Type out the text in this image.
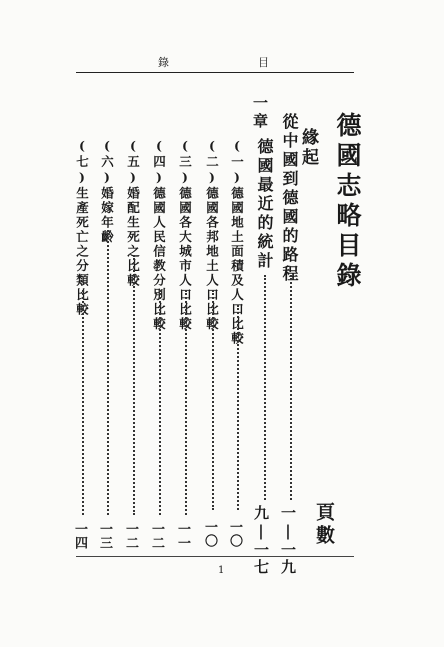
錄	目
德國志略目錄
頁數
緣起
從中國到德國的路程
一|一九
一章
德國最近的統計
九|一七
(一)德國地土面積及人口比較
一〇
(二)德國各邦地土人口比較
一〇
(三)德國各大城市人口比較
一一
(四)德國人民信教分別比較
一二
(五)婚配生死之比較
一二
(六)婚嫁年齡
一三
(七)生產死亡之分類比較
一四
1
